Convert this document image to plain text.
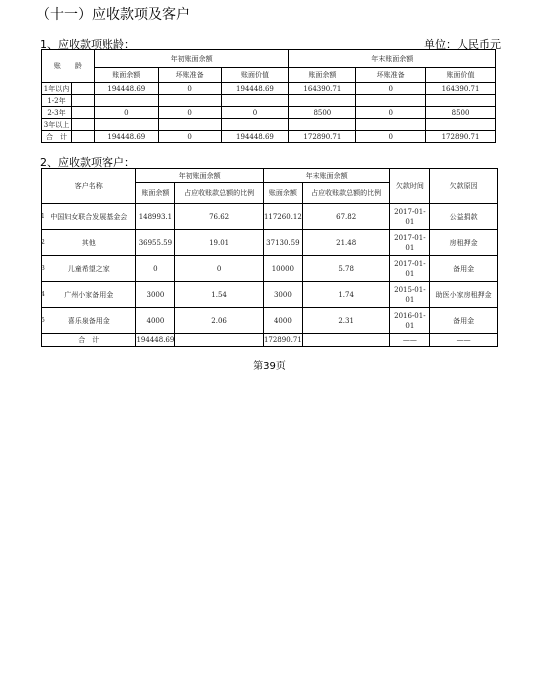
（十一）应收款项及客户
1、应收款项账龄：	单位：人民币元
账　　龄		年初账面余额			年末账面余额		
		账面余额	坏账准备	账面价值	账面余额	坏账准备	账面价值
1年以内		194448.69	0	194448.69	164390.71	0	164390.71
1-2年							
2-3年		0	0	0	8500	0	8500
3年以上							
合　计		194448.69	0	194448.69	172890.71	0	172890.71
2、应收款项客户：
客户名称	年初账面余额		年末账面余额		欠款时间	欠款原因
	账面余额	占应收账款总额的比例	账面余额	占应收账款总额的比例		

1 中国妇女联合发展基金会	148993.1	76.62	117260.12	67.82	2017-01-01	公益捐款

2 其他	36955.59	19.01	37130.59	21.48	2017-01-01	房租押金

3 儿童希望之家	0	0	10000	5.78	2017-01-01	备用金

4 广州小家备用金	3000	1.54	3000	1.74	2015-01-01	助医小家房租押金

5 喜乐泉备用金	4000	2.06	4000	2.31	2016-01-01	备用金
合　计	194448.69		172890.71		——	——
第39页
